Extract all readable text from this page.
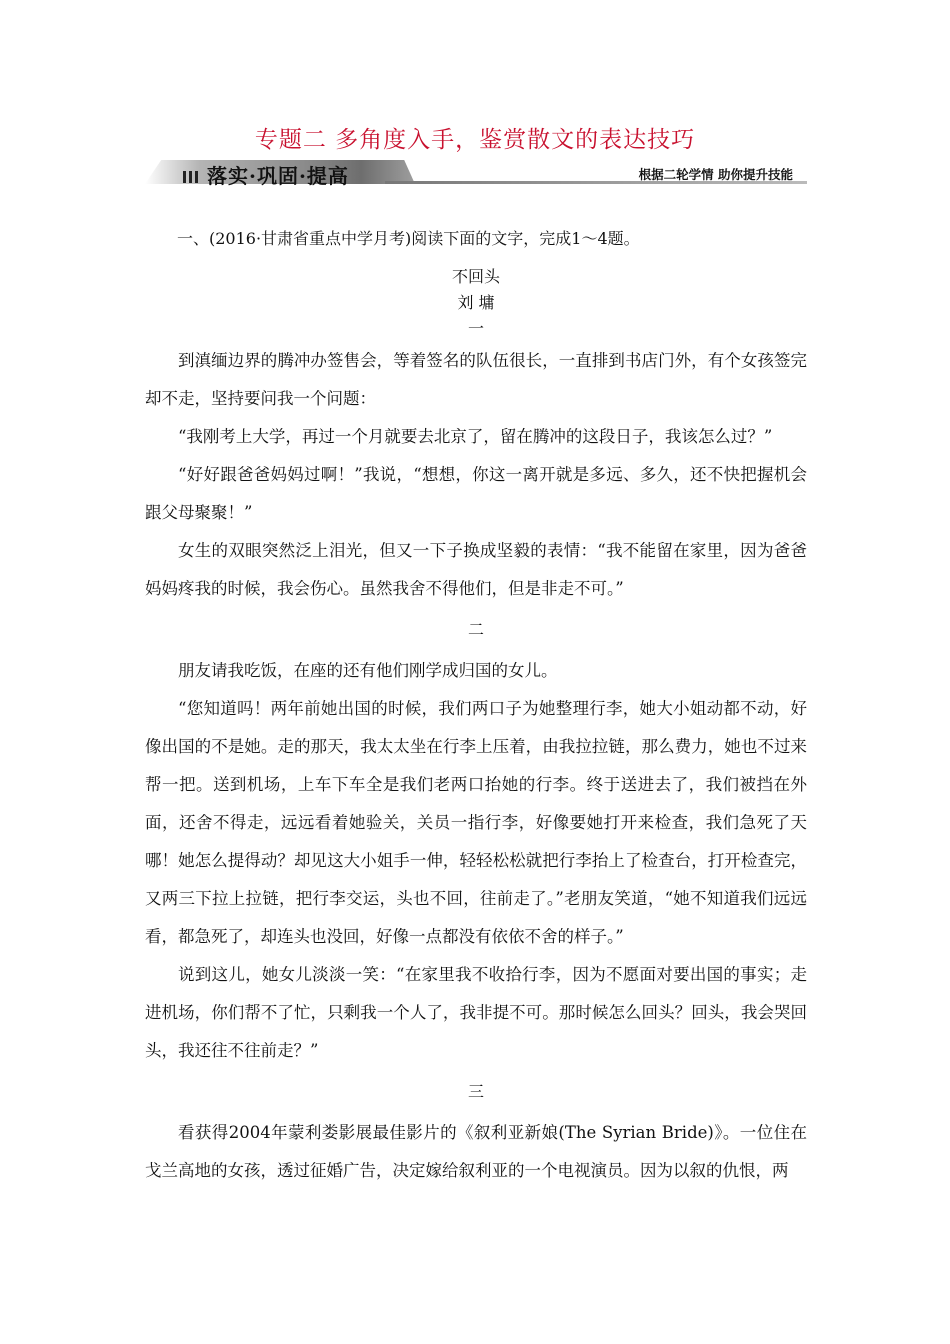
专题二 多角度入手，鉴赏散文的表达技巧
落实·巩固·提高	根据二轮学情 助你提升技能

一、(2016·甘肃省重点中学月考)阅读下面的文字，完成1～4题。

不回头

刘 墉

一

到滇缅边界的腾冲办签售会，等着签名的队伍很长，一直排到书店门外，有个女孩签完却不走，坚持要问我一个问题：

“我刚考上大学，再过一个月就要去北京了，留在腾冲的这段日子，我该怎么过？”

“好好跟爸爸妈妈过啊！”我说，“想想，你这一离开就是多远、多久，还不快把握机会跟父母聚聚！”

女生的双眼突然泛上泪光，但又一下子换成坚毅的表情：“我不能留在家里，因为爸爸妈妈疼我的时候，我会伤心。虽然我舍不得他们，但是非走不可。”

二

朋友请我吃饭，在座的还有他们刚学成归国的女儿。

“您知道吗！两年前她出国的时候，我们两口子为她整理行李，她大小姐动都不动，好像出国的不是她。走的那天，我太太坐在行李上压着，由我拉拉链，那么费力，她也不过来帮一把。送到机场，上车下车全是我们老两口抬她的行李。终于送进去了，我们被挡在外面，还舍不得走，远远看着她验关，关员一指行李，好像要她打开来检查，我们急死了天哪！她怎么提得动？却见这大小姐手一伸，轻轻松松就把行李抬上了检查台，打开检查完，又两三下拉上拉链，把行李交运，头也不回，往前走了。”老朋友笑道，“她不知道我们远远看，都急死了，却连头也没回，好像一点都没有依依不舍的样子。”

说到这儿，她女儿淡淡一笑：“在家里我不收拾行李，因为不愿面对要出国的事实；走进机场，你们帮不了忙，只剩我一个人了，我非提不可。那时候怎么回头？回头，我会哭回头，我还往不往前走？”

三

看获得2004年蒙利娄影展最佳影片的《叙利亚新娘(The Syrian Bride)》。一位住在戈兰高地的女孩，透过征婚广告，决定嫁给叙利亚的一个电视演员。因为以叙的仇恨，两
